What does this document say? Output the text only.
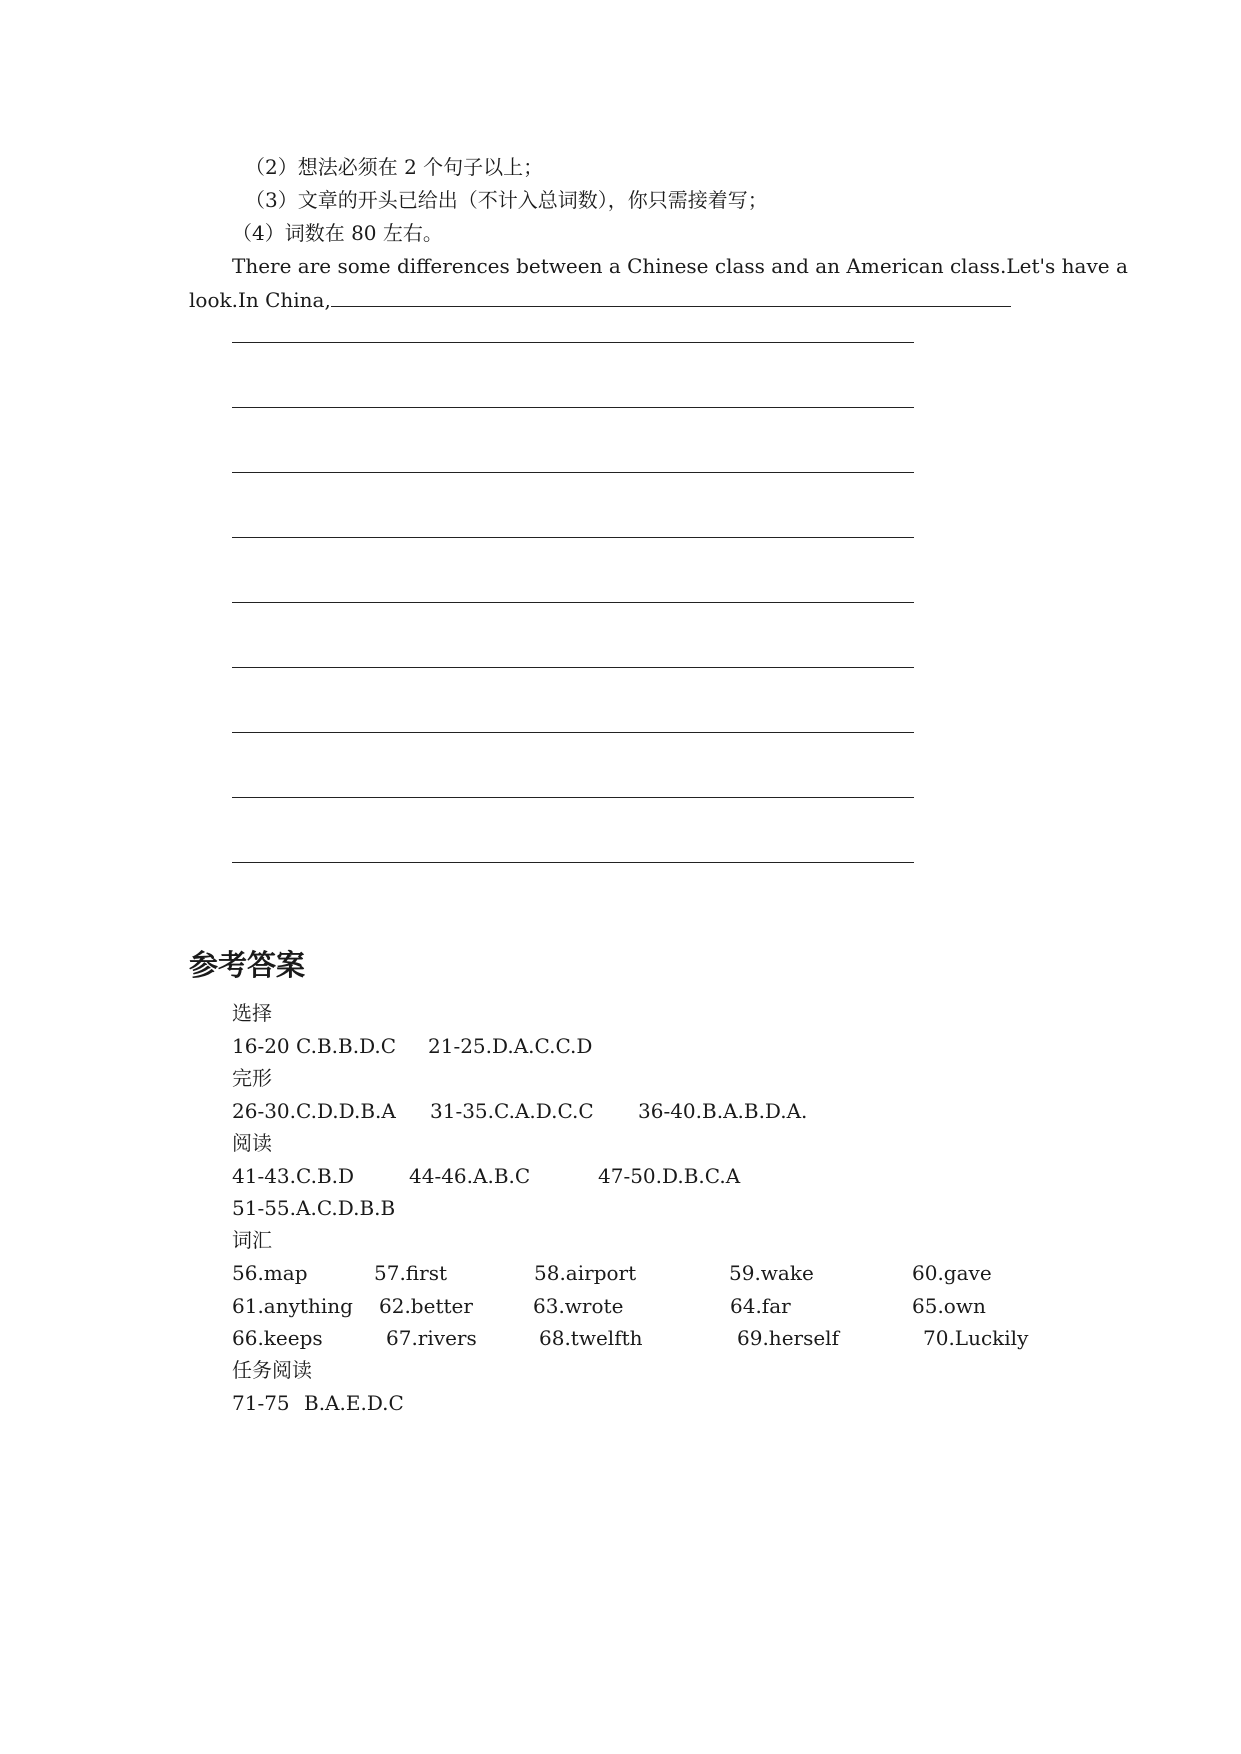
（2）想法必须在 2 个句子以上；
（3）文章的开头已给出（不计入总词数），你只需接着写；
（4）词数在 80 左右。
There are some differences between a Chinese class and an American class.Let's have a
look.In China,
参考答案
选择
16-20 C.B.B.D.C 21-25.D.A.C.C.D
完形
26-30.C.D.D.B.A 31-35.C.A.D.C.C 36-40.B.A.B.D.A.
阅读
41-43.C.B.D	44-46.A.B.C	47-50.D.B.C.A
51-55.A.C.D.B.B
词汇
56.map	57.first	58.airport	59.wake	60.gave
61.anything 62.better	63.wrote	64.far	65.own
66.keeps	67.rivers	68.twelfth	69.herself	70.Luckily
任务阅读
71-75 B.A.E.D.C
